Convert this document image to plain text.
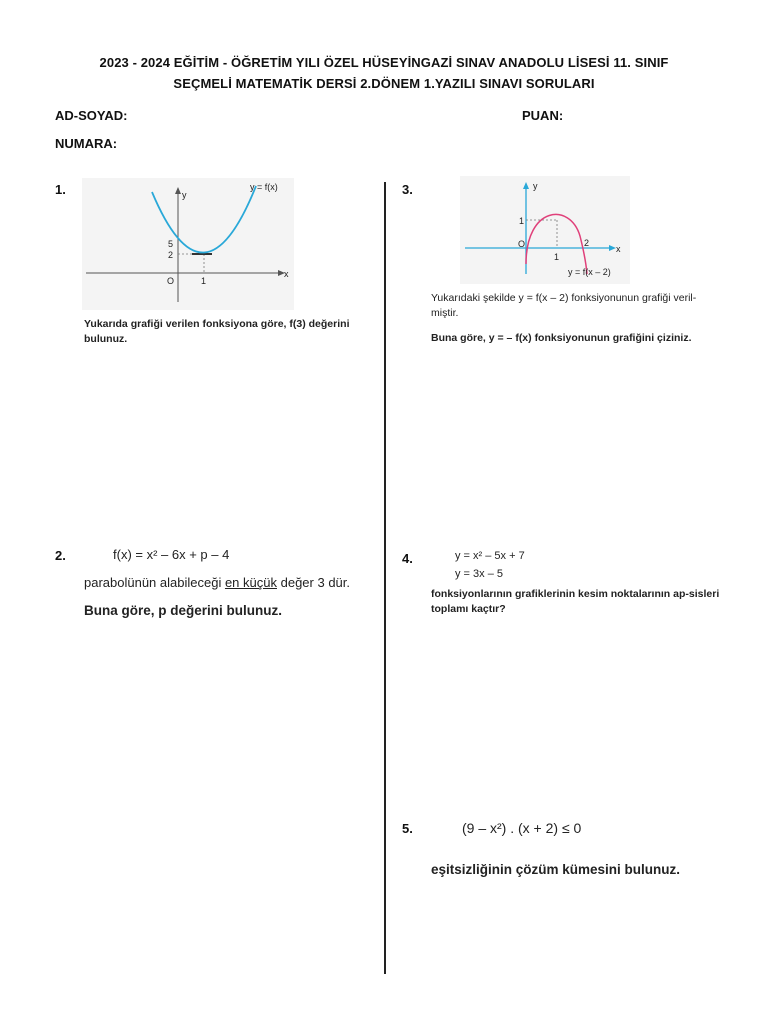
2023 - 2024 EĞİTİM - ÖĞRETİM YILI ÖZEL HÜSEYİNGAZİ SINAV ANADOLU LİSESİ 11. SINIF
SEÇMELİ MATEMATİK DERSİ 2.DÖNEM 1.YAZILI SINAVI SORULARI
AD-SOYAD:	PUAN:
NUMARA:
1.	y = f(x)
y
x
O
5
2
1
Yukarıda grafiği verilen fonksiyona göre, f(3) değerini bulunuz.
2.	f(x) = x² – 6x + p – 4
parabolünün alabileceği en küçük değer 3 dür.
Buna göre, p değerini bulunuz.
3.	y
x
O
1
1
2
y = f(x – 2)
Yukarıdaki şekilde y = f(x – 2) fonksiyonunun grafiği veril-miştir.
Buna göre, y = – f(x) fonksiyonunun grafiğini çiziniz.
4.	y = x² – 5x + 7
y = 3x – 5
fonksiyonlarının grafiklerinin kesim noktalarının ap-sisleri toplamı kaçtır?
5.	(9 – x²) . (x + 2) ≤ 0
eşitsizliğinin çözüm kümesini bulunuz.
